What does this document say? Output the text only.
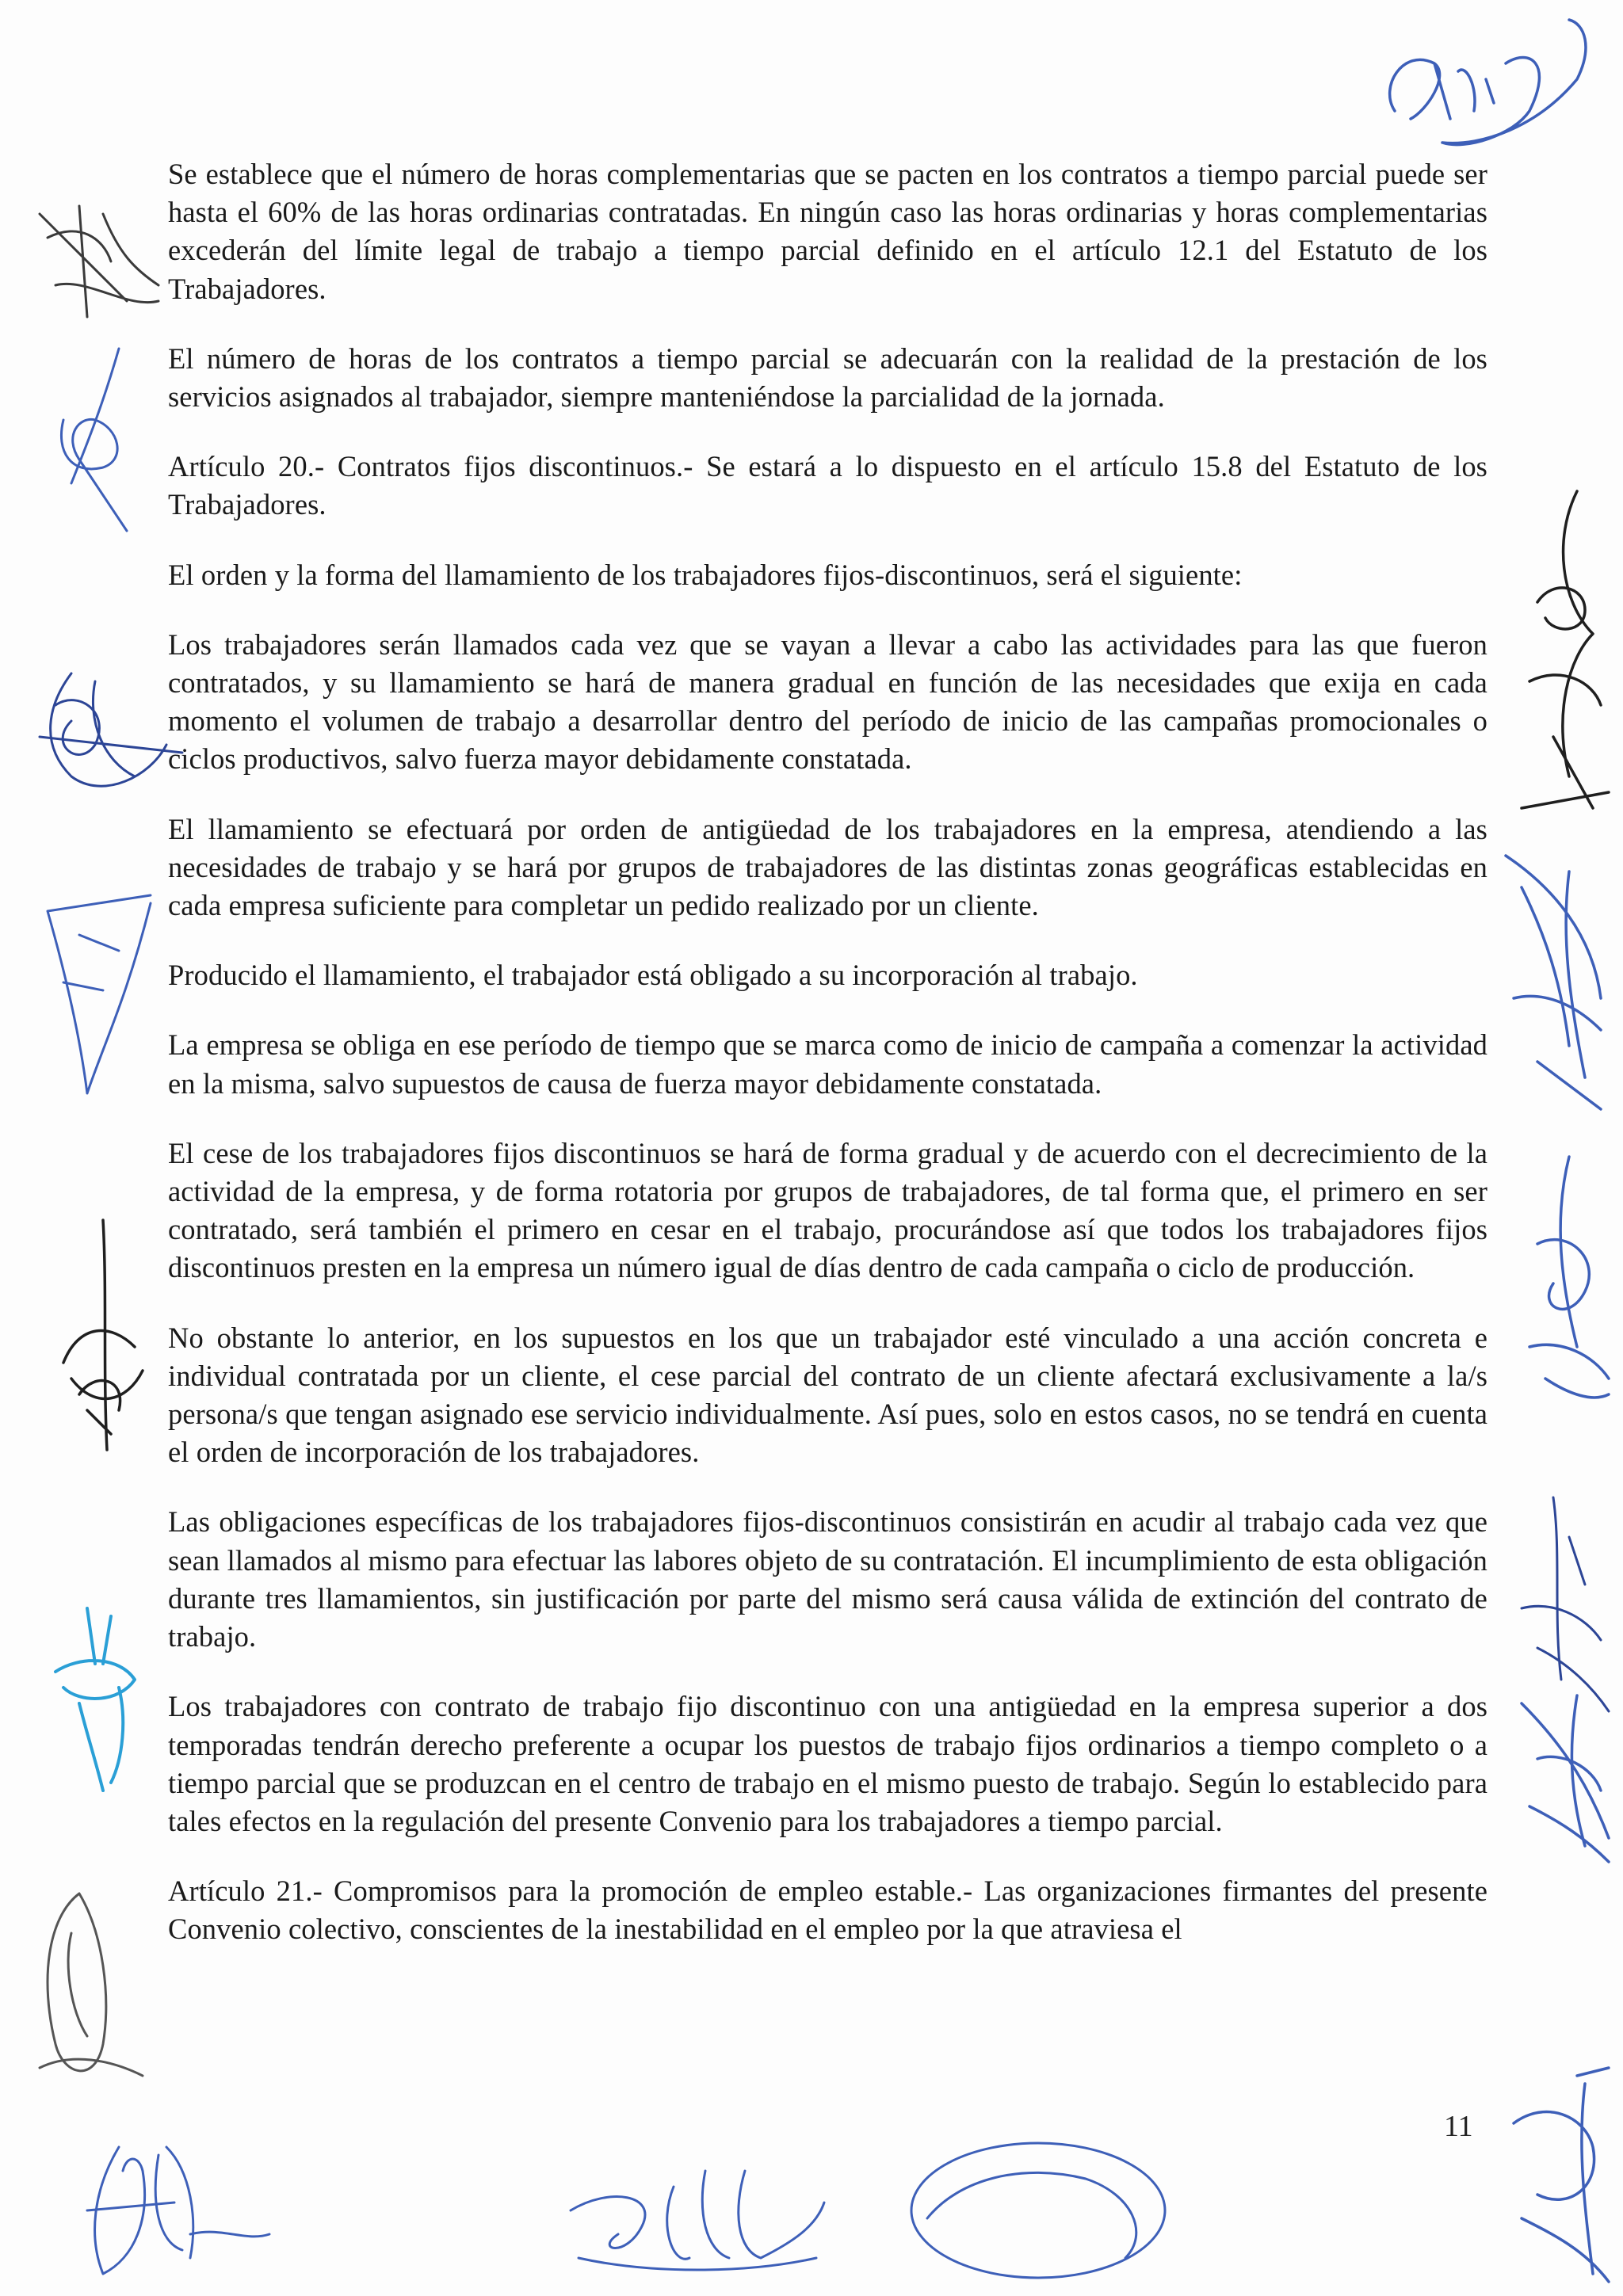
Se establece que el número de horas complementarias que se pacten en los contratos a tiempo parcial puede ser hasta el 60% de las horas ordinarias contratadas. En ningún caso las horas ordinarias y horas complementarias excederán del límite legal de trabajo a tiempo parcial definido en el artículo 12.1 del Estatuto de los Trabajadores.

El número de horas de los contratos a tiempo parcial se adecuarán con la realidad de la prestación de los servicios asignados al trabajador, siempre manteniéndose la parcialidad de la jornada.

Artículo 20.- Contratos fijos discontinuos.- Se estará a lo dispuesto en el artículo 15.8 del Estatuto de los Trabajadores.

El orden y la forma del llamamiento de los trabajadores fijos-discontinuos, será el siguiente:

Los trabajadores serán llamados cada vez que se vayan a llevar a cabo las actividades para las que fueron contratados, y su llamamiento se hará de manera gradual en función de las necesidades que exija en cada momento el volumen de trabajo a desarrollar dentro del período de inicio de las campañas promocionales o ciclos productivos, salvo fuerza mayor debidamente constatada.

El llamamiento se efectuará por orden de antigüedad de los trabajadores en la empresa, atendiendo a las necesidades de trabajo y se hará por grupos de trabajadores de las distintas zonas geográficas establecidas en cada empresa suficiente para completar un pedido realizado por un cliente.

Producido el llamamiento, el trabajador está obligado a su incorporación al trabajo.

La empresa se obliga en ese período de tiempo que se marca como de inicio de campaña a comenzar la actividad en la misma, salvo supuestos de causa de fuerza mayor debidamente constatada.

El cese de los trabajadores fijos discontinuos se hará de forma gradual y de acuerdo con el decrecimiento de la actividad de la empresa, y de forma rotatoria por grupos de trabajadores, de tal forma que, el primero en ser contratado, será también el primero en cesar en el trabajo, procurándose así que todos los trabajadores fijos discontinuos presten en la empresa un número igual de días dentro de cada campaña o ciclo de producción.

No obstante lo anterior, en los supuestos en los que un trabajador esté vinculado a una acción concreta e individual contratada por un cliente, el cese parcial del contrato de un cliente afectará exclusivamente a la/s persona/s que tengan asignado ese servicio individualmente. Así pues, solo en estos casos, no se tendrá en cuenta el orden de incorporación de los trabajadores.

Las obligaciones específicas de los trabajadores fijos-discontinuos consistirán en acudir al trabajo cada vez que sean llamados al mismo para efectuar las labores objeto de su contratación. El incumplimiento de esta obligación durante tres llamamientos, sin justificación por parte del mismo será causa válida de extinción del contrato de trabajo.

Los trabajadores con contrato de trabajo fijo discontinuo con una antigüedad en la empresa superior a dos temporadas tendrán derecho preferente a ocupar los puestos de trabajo fijos ordinarios a tiempo completo o a tiempo parcial que se produzcan en el centro de trabajo en el mismo puesto de trabajo. Según lo establecido para tales efectos en la regulación del presente Convenio para los trabajadores a tiempo parcial.

Artículo 21.- Compromisos para la promoción de empleo estable.- Las organizaciones firmantes del presente Convenio colectivo, conscientes de la inestabilidad en el empleo por la que atraviesa el

11
